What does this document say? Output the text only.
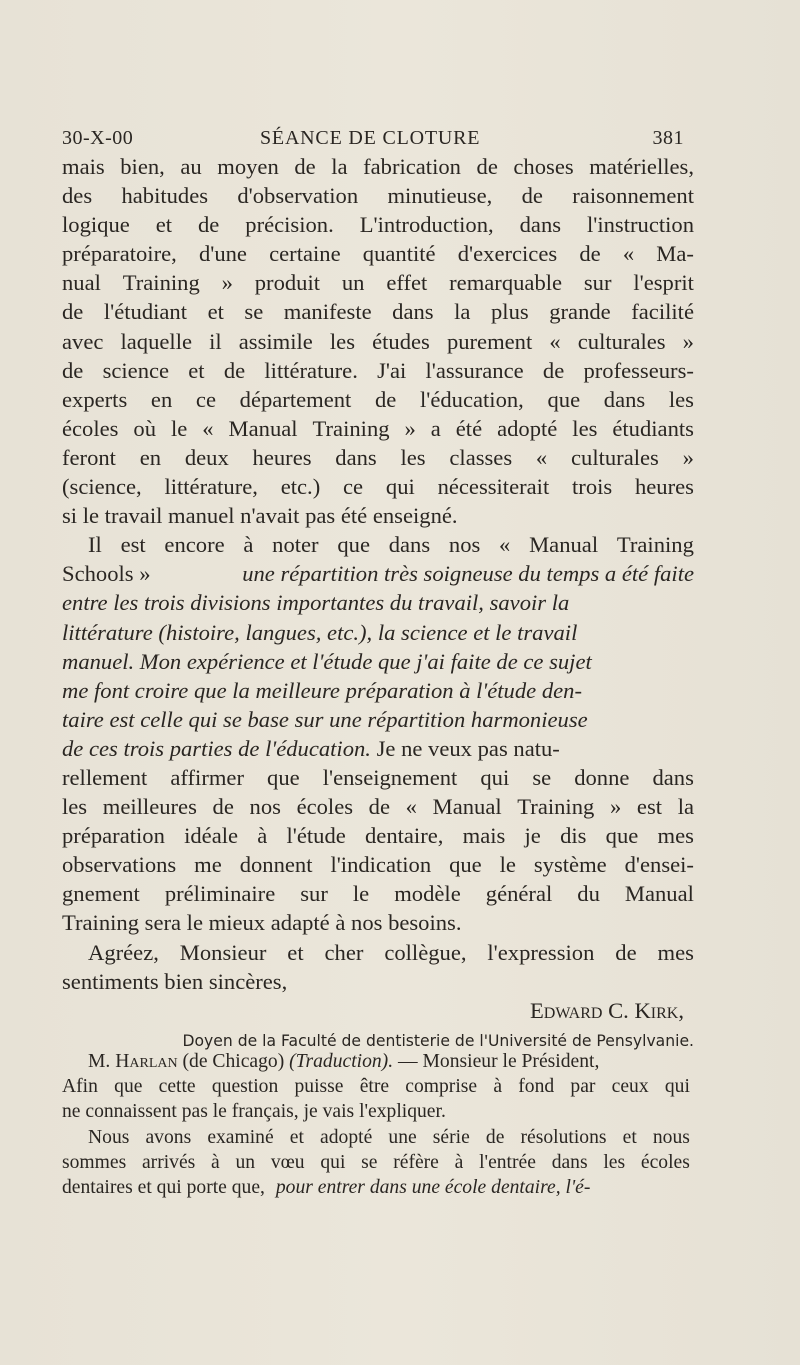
30-X-00	SÉANCE DE CLOTURE	381
mais bien, au moyen de la fabrication de choses matérielles,
des habitudes d'observation minutieuse, de raisonnement
logique et de précision. L'introduction, dans l'instruction
préparatoire, d'une certaine quantité d'exercices de « Ma-
nual Training » produit un effet remarquable sur l'esprit
de l'étudiant et se manifeste dans la plus grande facilité
avec laquelle il assimile les études purement « culturales »
de science et de littérature. J'ai l'assurance de professeurs-
experts en ce département de l'éducation, que dans les
écoles où le « Manual Training » a été adopté les étudiants
feront en deux heures dans les classes « culturales »
(science, littérature, etc.) ce qui nécessiterait trois heures
si le travail manuel n'avait pas été enseigné.
Il est encore à noter que dans nos « Manual Training
Schools »	une répartition très soigneuse du temps a été faite
entre les trois divisions importantes du travail, savoir la
littérature (histoire, langues, etc.), la science et le travail
manuel. Mon expérience et l'étude que j'ai faite de ce sujet
me font croire que la meilleure préparation à l'étude den-
taire est celle qui se base sur une répartition harmonieuse
de ces trois parties de l'éducation. Je ne veux pas natu-
rellement affirmer que l'enseignement qui se donne dans
les meilleures de nos écoles de « Manual Training » est la
préparation idéale à l'étude dentaire, mais je dis que mes
observations me donnent l'indication que le système d'ensei-
gnement préliminaire sur le modèle général du Manual
Training sera le mieux adapté à nos besoins.
Agréez, Monsieur et cher collègue, l'expression de mes
sentiments bien sincères,
Edward C. Kirk,
Doyen de la Faculté de dentisterie de l'Université de Pensylvanie.
M. Harlan (de Chicago) (Traduction). — Monsieur le Président,
Afin que cette question puisse être comprise à fond par ceux qui
ne connaissent pas le français, je vais l'expliquer.
Nous avons examiné et adopté une série de résolutions et nous
sommes arrivés à un vœu qui se réfère à l'entrée dans les écoles
dentaires et qui porte que, pour entrer dans une école dentaire, l'é-
